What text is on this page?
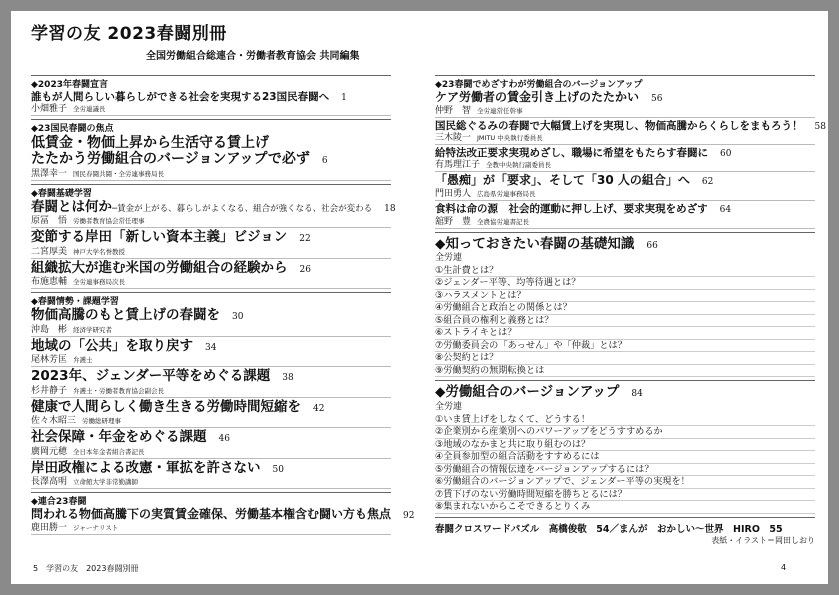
学習の友 2023春闘別冊
全国労働組合総連合・労働者教育協会 共同編集
◆2023年春闘宣言
誰もが人間らしい暮らしができる社会を実現する23国民春闘へ 1
小畑雅子 全労連議長
◆23国民春闘の焦点
低賃金・物価上昇から生活守る賃上げ
たたかう労働組合のバージョンアップで必ず 6
黒澤幸一 国民春闘共闘・全労連事務局長
◆春闘基礎学習
春闘とは何か─賃金が上がる、暮らしがよくなる、組合が強くなる、社会が変わる 18
原冨　悟 労働者教育協会常任理事
変節する岸田「新しい資本主義」ビジョン 22
二宮厚美 神戸大学名誉教授
組織拡大が進む米国の労働組合の経験から 26
布施恵輔 全労連事務局次長
◆春闘情勢・課題学習
物価高騰のもと賃上げの春闘を 30
沖島　彬 経済学研究者
地域の「公共」を取り戻す 34
尾林芳匡 弁護士
2023年、ジェンダー平等をめぐる課題 38
杉井静子 弁護士・労働者教育協会副会長
健康で人間らしく働き生きる労働時間短縮を 42
佐々木昭三 労働総研理事
社会保障・年金をめぐる課題 46
廣岡元穂 全日本年金者組合書記長
岸田政権による改憲・軍拡を許さない 50
長澤高明 立命館大学非常勤講師
◆連合23春闘
問われる物価高騰下の実質賃金確保、労働基本権含む闘い方も焦点 92
鹿田勝一 ジャーナリスト
◆23春闘でめざすわが労働組合のバージョンアップ
ケア労働者の賃金引き上げのたたかい 56
仲野　智 全労連常任幹事
国民総ぐるみの春闘で大幅賃上げを実現し、物価高騰からくらしをまもろう！ 58
三木陵一 JMITU 中央執行委員長
給特法改正要求実現めざし、職場に希望をもたらす春闘に 60
有馬理江子 全教中央執行副委員長
「愚痴」が「要求」、そして「30 人の組合」へ 62
門田勇人 広島県労連事務局長
食料は命の源　社会的運動に押し上げ、要求実現をめざす 64
舘野　豊 全農協労連書記長
◆知っておきたい春闘の基礎知識 66
全労連
①生計費とは？
②ジェンダー平等、均等待遇とは？
③ハラスメントとは？
④労働組合と政治との関係とは？
⑤組合員の権利と義務とは？
⑥ストライキとは？
⑦労働委員会の「あっせん」や「仲裁」とは？
⑧公契約とは？
⑨労働契約の無期転換とは
◆労働組合のバージョンアップ 84
全労連
①いま賃上げをしなくて、どうする！
②企業別から産業別へのパワーアップをどうすすめるか
③地域のなかまと共に取り組むのは？
④全員参加型の組合活動をすすめるには
⑤労働組合の情報伝達をバージョンアップするには？
⑥労働組合のバージョンアップで、ジェンダー平等の実現を！
⑦賃下げのない労働時間短縮を勝ちとるには？
⑧集まれないからこそできるとりくみ
春闘クロスワードパズル　高橋俊敬　54／まんが　おかしい〜世界　HIRO　55
表紙・イラスト＝岡田しおり
5　学習の友　2023春闘別冊	4
